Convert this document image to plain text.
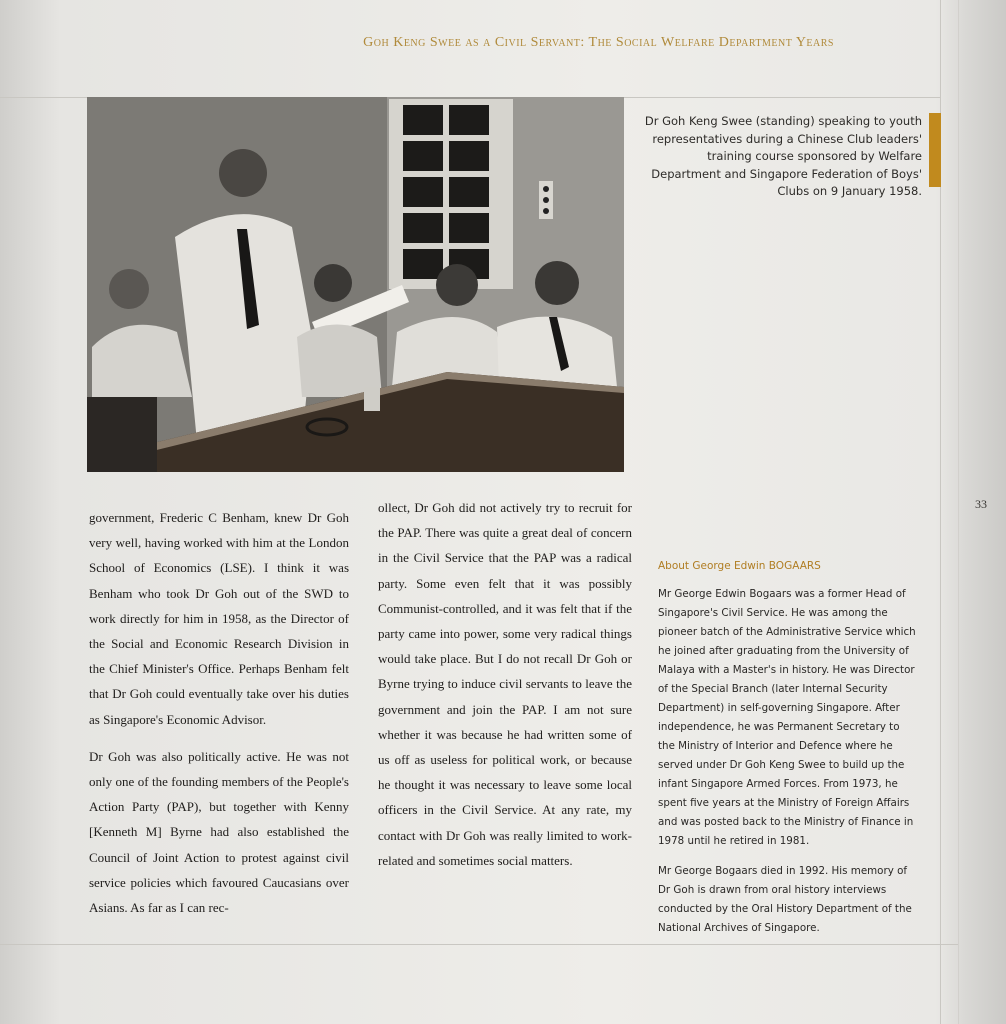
Goh Keng Swee as a Civil Servant: The Social Welfare Department Years
Dr Goh Keng Swee (standing) speaking to youth representatives during a Chinese Club leaders' training course sponsored by Welfare Department and Singapore Federation of Boys' Clubs on 9 January 1958.
33

government, Frederic C Benham, knew Dr Goh very well, having worked with him at the London School of Economics (LSE). I think it was Benham who took Dr Goh out of the SWD to work directly for him in 1958, as the Director of the Social and Economic Research Division in the Chief Minister's Office. Perhaps Benham felt that Dr Goh could eventually take over his duties as Singapore's Economic Advisor.

Dr Goh was also politically active. He was not only one of the founding members of the People's Action Party (PAP), but together with Kenny [Kenneth M] Byrne had also established the Council of Joint Action to protest against civil service policies which favoured Caucasians over Asians. As far as I can rec-

ollect, Dr Goh did not actively try to recruit for the PAP. There was quite a great deal of concern in the Civil Service that the PAP was a radical party. Some even felt that it was possibly Communist-controlled, and it was felt that if the party came into power, some very radical things would take place. But I do not recall Dr Goh or Byrne trying to induce civil servants to leave the government and join the PAP. I am not sure whether it was because he had written some of us off as useless for political work, or because he thought it was necessary to leave some local officers in the Civil Service. At any rate, my contact with Dr Goh was really limited to work-related and sometimes social matters.

About George Edwin BOGAARS

Mr George Edwin Bogaars was a former Head of Singapore's Civil Service. He was among the pioneer batch of the Administrative Service which he joined after graduating from the University of Malaya with a Master's in history. He was Director of the Special Branch (later Internal Security Department) in self-governing Singapore. After independence, he was Permanent Secretary to the Ministry of Interior and Defence where he served under Dr Goh Keng Swee to build up the infant Singapore Armed Forces. From 1973, he spent five years at the Ministry of Foreign Affairs and was posted back to the Ministry of Finance in 1978 until he retired in 1981.

Mr George Bogaars died in 1992. His memory of Dr Goh is drawn from oral history interviews conducted by the Oral History Department of the National Archives of Singapore.
